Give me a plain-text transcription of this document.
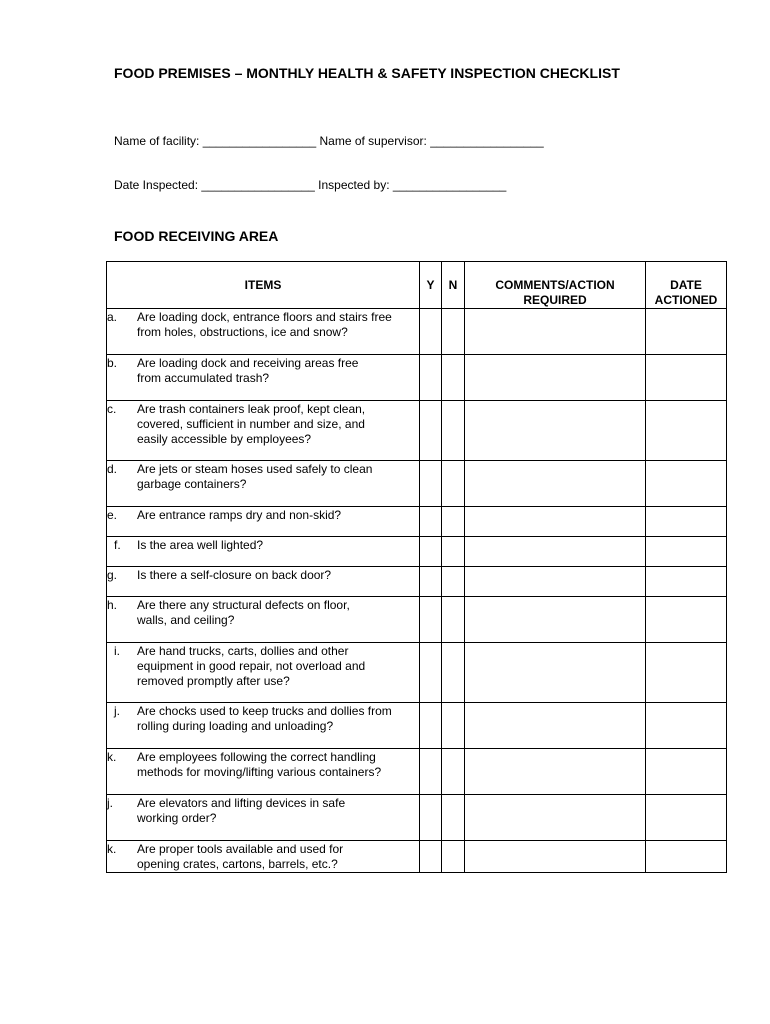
FOOD PREMISES – MONTHLY HEALTH & SAFETY INSPECTION CHECKLIST
Name of facility: _________________ Name of supervisor: _________________
Date Inspected: _________________ Inspected by: _________________
FOOD RECEIVING AREA
ITEMS	Y	N	COMMENTS/ACTION REQUIRED	DATE ACTIONED

a. Are loading dock, entrance floors and stairs free
from holes, obstructions, ice and snow?				

b. Are loading dock and receiving areas free
from accumulated trash?				

c. Are trash containers leak proof, kept clean,
covered, sufficient in number and size, and
easily accessible by employees?				

d. Are jets or steam hoses used safely to clean
garbage containers?				

e. Are entrance ramps dry and non-skid?				

f. Is the area well lighted?				

g. Is there a self-closure on back door?				

h. Are there any structural defects on floor,
walls, and ceiling?				

i. Are hand trucks, carts, dollies and other
equipment in good repair, not overload and
removed promptly after use?				

j. Are chocks used to keep trucks and dollies from
rolling during loading and unloading?				

k. Are employees following the correct handling
methods for moving/lifting various containers?				

j. Are elevators and lifting devices in safe
working order?				

k. Are proper tools available and used for
opening crates, cartons, barrels, etc.?				
